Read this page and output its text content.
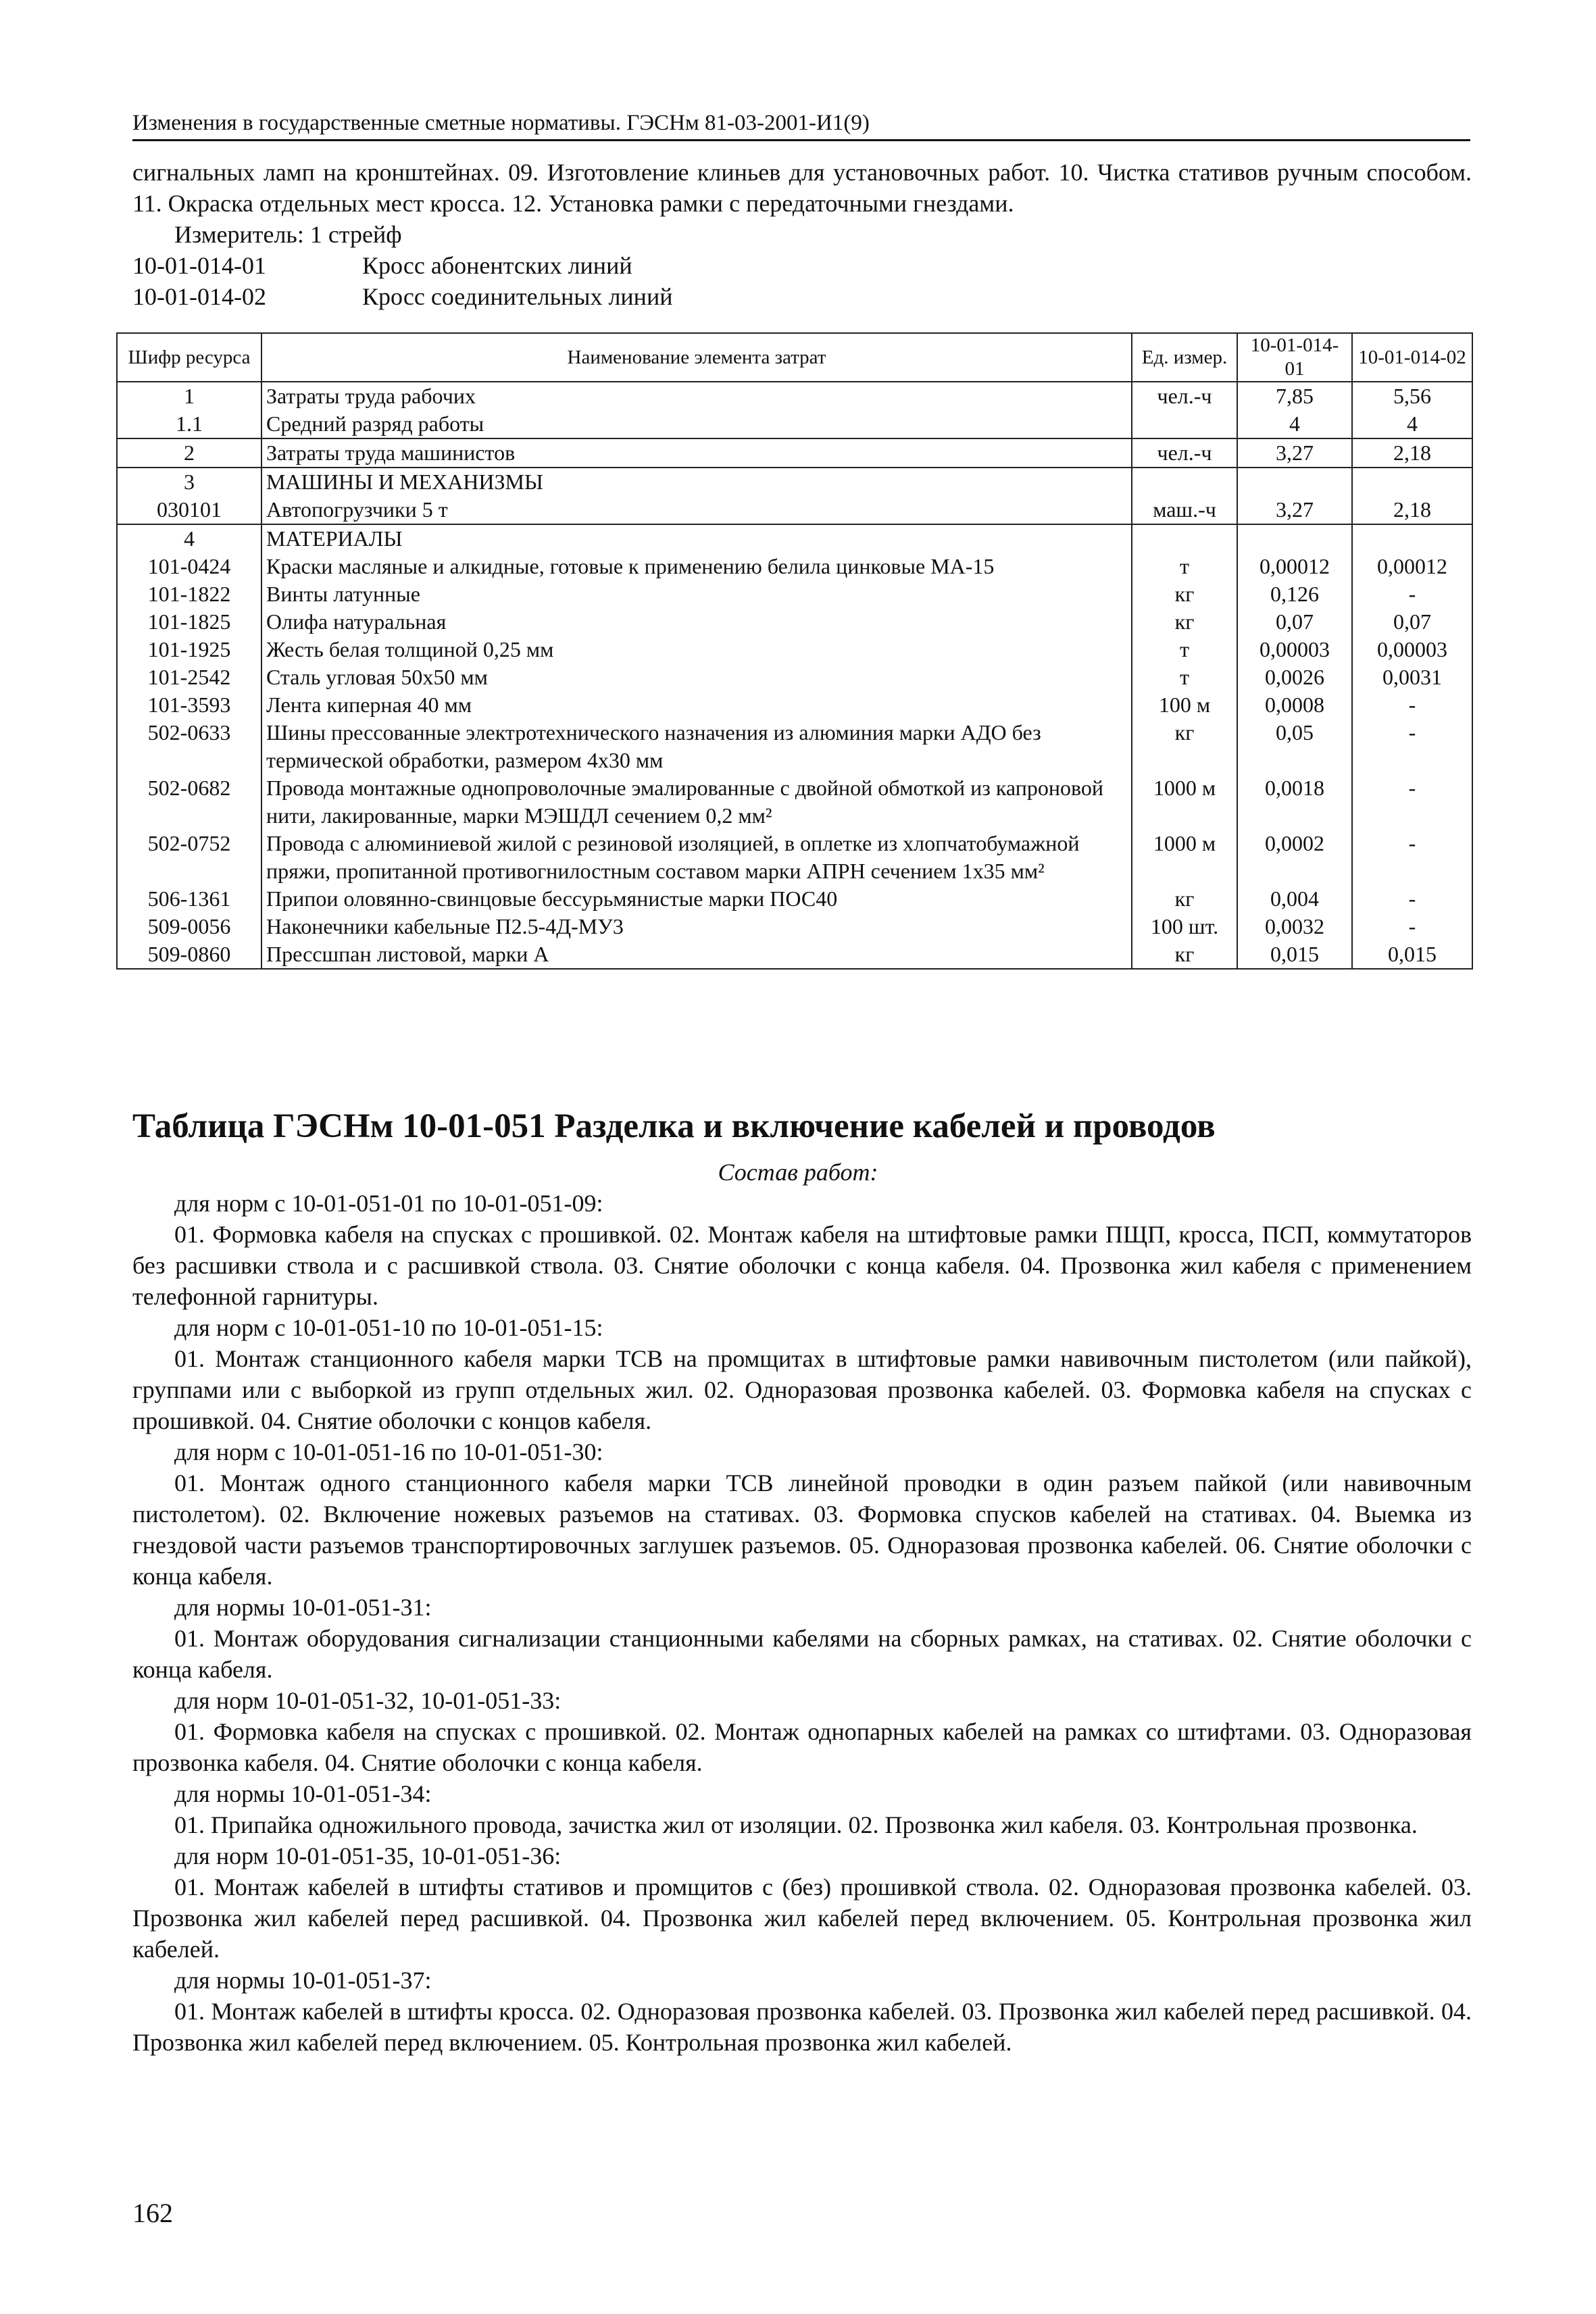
Изменения в государственные сметные нормативы. ГЭСНм 81-03-2001-И1(9)

сигнальных ламп на кронштейнах. 09. Изготовление клиньев для установочных работ. 10. Чистка стативов ручным способом. 11. Окраска отдельных мест кросса. 12. Установка рамки с передаточными гнездами.

Измеритель: 1 стрейф

10-01-014-01	Кросс абонентских линий
10-01-014-02	Кросс соединительных линий
Шифр ресурса	Наименование элемента затрат	Ед. измер.	10-01-014-01	10-01-014-02
1	Затраты труда рабочих	чел.-ч	7,85	5,56
1.1	Средний разряд работы		4	4
2	Затраты труда машинистов	чел.-ч	3,27	2,18
3	МАШИНЫ И МЕХАНИЗМЫ			
030101	Автопогрузчики 5 т	маш.-ч	3,27	2,18
4	МАТЕРИАЛЫ			
101-0424	Краски масляные и алкидные, готовые к применению белила цинковые МА-15	т	0,00012	0,00012
101-1822	Винты латунные	кг	0,126	-
101-1825	Олифа натуральная	кг	0,07	0,07
101-1925	Жесть белая толщиной 0,25 мм	т	0,00003	0,00003
101-2542	Сталь угловая 50х50 мм	т	0,0026	0,0031
101-3593	Лента киперная 40 мм	100 м	0,0008	-
502-0633	Шины прессованные электротехнического назначения из алюминия марки АДО без термической обработки, размером 4х30 мм	кг	0,05	-
502-0682	Провода монтажные однопроволочные эмалированные с двойной обмоткой из капроновой нити, лакированные, марки МЭШДЛ сечением 0,2 мм²	1000 м	0,0018	-
502-0752	Провода с алюминиевой жилой с резиновой изоляцией, в оплетке из хлопчатобумажной пряжи, пропитанной противогнилостным составом марки АПРН сечением 1х35 мм²	1000 м	0,0002	-
506-1361	Припои оловянно-свинцовые бессурьмянистые марки ПОС40	кг	0,004	-
509-0056	Наконечники кабельные П2.5-4Д-МУ3	100 шт.	0,0032	-
509-0860	Прессшпан листовой, марки А	кг	0,015	0,015
Таблица ГЭСНм 10-01-051 Разделка и включение кабелей и проводов
Состав работ:

для норм с 10-01-051-01 по 10-01-051-09:

01. Формовка кабеля на спусках с прошивкой. 02. Монтаж кабеля на штифтовые рамки ПЩП, кросса, ПСП, коммутаторов без расшивки ствола и с расшивкой ствола. 03. Снятие оболочки с конца кабеля. 04. Прозвонка жил кабеля с применением телефонной гарнитуры.

для норм с 10-01-051-10 по 10-01-051-15:

01. Монтаж станционного кабеля марки ТСВ на промщитах в штифтовые рамки навивочным пистолетом (или пайкой), группами или с выборкой из групп отдельных жил. 02. Одноразовая прозвонка кабелей. 03. Формовка кабеля на спусках с прошивкой. 04. Снятие оболочки с концов кабеля.

для норм с 10-01-051-16 по 10-01-051-30:

01. Монтаж одного станционного кабеля марки ТСВ линейной проводки в один разъем пайкой (или навивочным пистолетом). 02. Включение ножевых разъемов на стативах. 03. Формовка спусков кабелей на стативах. 04. Выемка из гнездовой части разъемов транспортировочных заглушек разъемов. 05. Одноразовая прозвонка кабелей. 06. Снятие оболочки с конца кабеля.

для нормы 10-01-051-31:

01. Монтаж оборудования сигнализации станционными кабелями на сборных рамках, на стативах. 02. Снятие оболочки с конца кабеля.

для норм 10-01-051-32, 10-01-051-33:

01. Формовка кабеля на спусках с прошивкой. 02. Монтаж однопарных кабелей на рамках со штифтами. 03. Одноразовая прозвонка кабеля. 04. Снятие оболочки с конца кабеля.

для нормы 10-01-051-34:

01. Припайка одножильного провода, зачистка жил от изоляции. 02. Прозвонка жил кабеля. 03. Контрольная прозвонка.

для норм 10-01-051-35, 10-01-051-36:

01. Монтаж кабелей в штифты стативов и промщитов с (без) прошивкой ствола. 02. Одноразовая прозвонка кабелей. 03. Прозвонка жил кабелей перед расшивкой. 04. Прозвонка жил кабелей перед включением. 05. Контрольная прозвонка жил кабелей.

для нормы 10-01-051-37:

01. Монтаж кабелей в штифты кросса. 02. Одноразовая прозвонка кабелей. 03. Прозвонка жил кабелей перед расшивкой. 04. Прозвонка жил кабелей перед включением. 05. Контрольная прозвонка жил кабелей.

162
